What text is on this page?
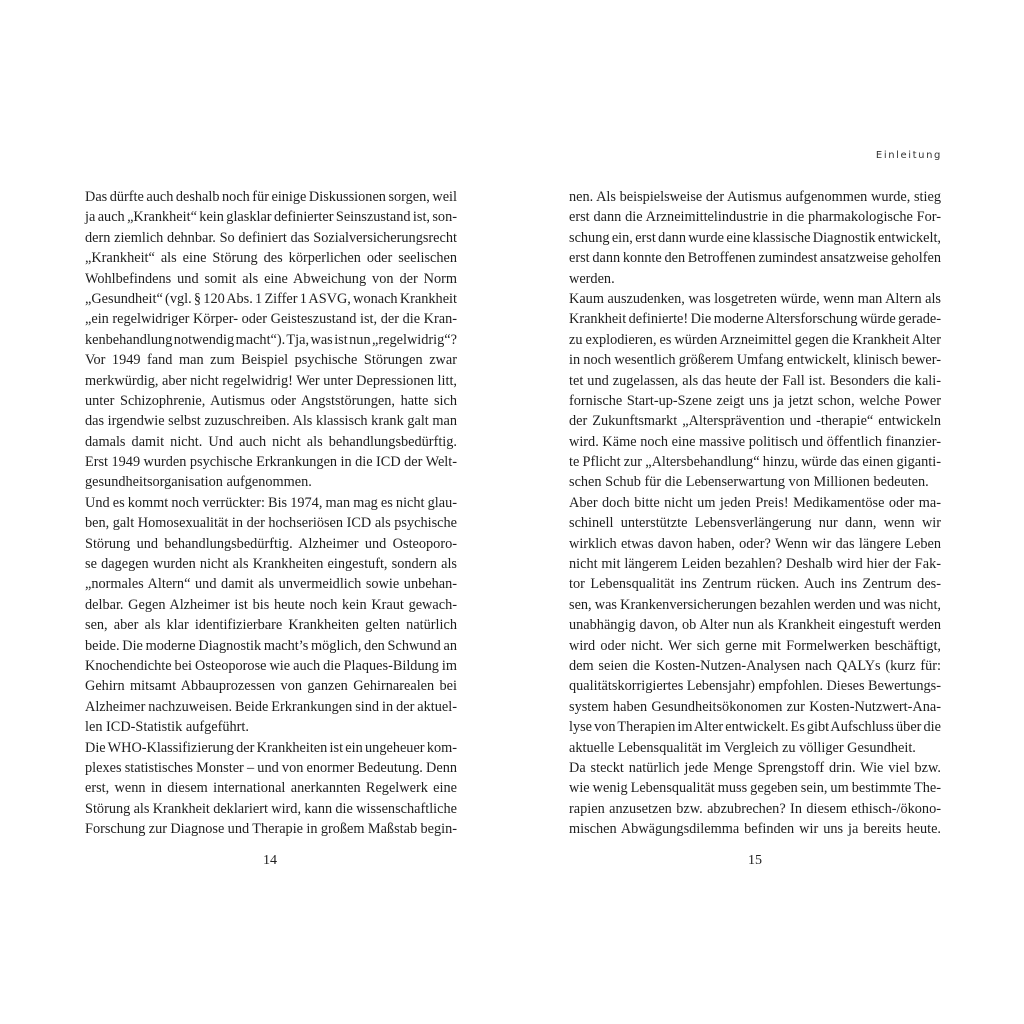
Einleitung
Das dürfte auch deshalb noch für einige Diskussionen sorgen, weil
ja auch „Krankheit“ kein glasklar definierter Seinszustand ist, son-
dern ziemlich dehnbar. So definiert das Sozialversicherungsrecht
„Krankheit“ als eine Störung des körperlichen oder seelischen
Wohlbefindens und somit als eine Abweichung von der Norm
„Gesundheit“ (vgl. § 120 Abs. 1 Ziffer 1 ASVG, wonach Krankheit
„ein regelwidriger Körper- oder Geisteszustand ist, der die Kran-
kenbehandlung notwendig macht“). Tja, was ist nun „regelwidrig“?
Vor 1949 fand man zum Beispiel psychische Störungen zwar
merkwürdig, aber nicht regelwidrig! Wer unter Depressionen litt,
unter Schizophrenie, Autismus oder Angststörungen, hatte sich
das irgendwie selbst zuzuschreiben. Als klassisch krank galt man
damals damit nicht. Und auch nicht als behandlungsbedürftig.
Erst 1949 wurden psychische Erkrankungen in die ICD der Welt-
gesundheitsorganisation aufgenommen.
Und es kommt noch verrückter: Bis 1974, man mag es nicht glau-
ben, galt Homosexualität in der hochseriösen ICD als psychische
Störung und behandlungsbedürftig. Alzheimer und Osteoporo-
se dagegen wurden nicht als Krankheiten eingestuft, sondern als
„normales Altern“ und damit als unvermeidlich sowie unbehan-
delbar. Gegen Alzheimer ist bis heute noch kein Kraut gewach-
sen, aber als klar identifizierbare Krankheiten gelten natürlich
beide. Die moderne Diagnostik macht’s möglich, den Schwund an
Knochendichte bei Osteoporose wie auch die Plaques-Bildung im
Gehirn mitsamt Abbauprozessen von ganzen Gehirnarealen bei
Alzheimer nachzuweisen. Beide Erkrankungen sind in der aktuel-
len ICD-Statistik aufgeführt.
Die WHO-Klassifizierung der Krankheiten ist ein ungeheuer kom-
plexes statistisches Monster – und von enormer Bedeutung. Denn
erst, wenn in diesem international anerkannten Regelwerk eine
Störung als Krankheit deklariert wird, kann die wissenschaftliche
Forschung zur Diagnose und Therapie in großem Maßstab begin-
nen. Als beispielsweise der Autismus aufgenommen wurde, stieg
erst dann die Arzneimittelindustrie in die pharmakologische For-
schung ein, erst dann wurde eine klassische Diagnostik entwickelt,
erst dann konnte den Betroffenen zumindest ansatzweise geholfen
werden.
Kaum auszudenken, was losgetreten würde, wenn man Altern als
Krankheit definierte! Die moderne Altersforschung würde gerade-
zu explodieren, es würden Arzneimittel gegen die Krankheit Alter
in noch wesentlich größerem Umfang entwickelt, klinisch bewer-
tet und zugelassen, als das heute der Fall ist. Besonders die kali-
fornische Start-up-Szene zeigt uns ja jetzt schon, welche Power
der Zukunftsmarkt „Altersprävention und -therapie“ entwickeln
wird. Käme noch eine massive politisch und öffentlich finanzier-
te Pflicht zur „Altersbehandlung“ hinzu, würde das einen giganti-
schen Schub für die Lebenserwartung von Millionen bedeuten.
Aber doch bitte nicht um jeden Preis! Medikamentöse oder ma-
schinell unterstützte Lebensverlängerung nur dann, wenn wir
wirklich etwas davon haben, oder? Wenn wir das längere Leben
nicht mit längerem Leiden bezahlen? Deshalb wird hier der Fak-
tor Lebensqualität ins Zentrum rücken. Auch ins Zentrum des-
sen, was Krankenversicherungen bezahlen werden und was nicht,
unabhängig davon, ob Alter nun als Krankheit eingestuft werden
wird oder nicht. Wer sich gerne mit Formelwerken beschäftigt,
dem seien die Kosten-Nutzen-Analysen nach QALYs (kurz für:
qualitätskorrigiertes Lebensjahr) empfohlen. Dieses Bewertungs-
system haben Gesundheitsökonomen zur Kosten-Nutzwert-Ana-
lyse von Therapien im Alter entwickelt. Es gibt Aufschluss über die
aktuelle Lebensqualität im Vergleich zu völliger Gesundheit.
Da steckt natürlich jede Menge Sprengstoff drin. Wie viel bzw.
wie wenig Lebensqualität muss gegeben sein, um bestimmte The-
rapien anzusetzen bzw. abzubrechen? In diesem ethisch-/ökono-
mischen Abwägungsdilemma befinden wir uns ja bereits heute.
14	15
